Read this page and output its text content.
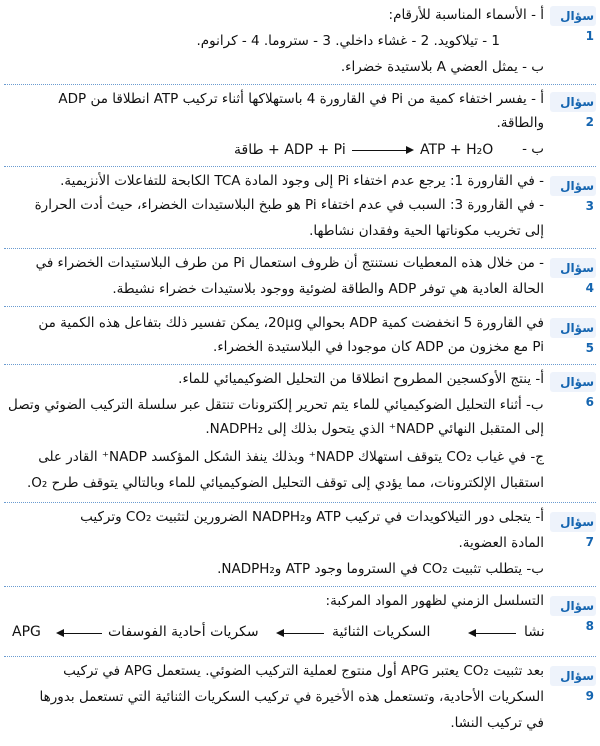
سؤال 1
أ - الأسماء المناسبة للأرقام:
1 - تيلاكويد. 2 - غشاء داخلي. 3 - ستروما. 4 - كرانوم.
ب - يمثل العضي A بلاستيدة خضراء.
سؤال 2
أ - يفسر اختفاء كمية من Pi في القارورة 4 باستهلاكها أثناء تركيب ATP انطلاقا من ADP
والطاقة.
ب -
ADP + Pi + طاقة → ATP + H₂O
سؤال 3
- في القارورة 1: يرجع عدم اختفاء Pi إلى وجود المادة TCA الكابحة للتفاعلات الأنزيمية.
- في القارورة 3: السبب في عدم اختفاء Pi هو طبخ البلاستيدات الخضراء، حيث أدت الحرارة
إلى تخريب مكوناتها الحية وفقدان نشاطها.
سؤال 4
- من خلال هذه المعطيات نستنتج أن ظروف استعمال Pi من طرف البلاستيدات الخضراء في
الحالة العادية هي توفر ADP والطاقة لضوئية ووجود بلاستيدات خضراء نشيطة.
سؤال 5
في القارورة 5 انخفضت كمية ADP بحوالي 20μg، يمكن تفسير ذلك بتفاعل هذه الكمية من
Pi مع مخزون من ADP كان موجودا في البلاستيدة الخضراء.
سؤال 6
أ- ينتج الأوكسجين المطروح انطلاقا من التحليل الضوكيميائي للماء.
ب- أثناء التحليل الضوكيميائي للماء يتم تحرير إلكترونات تنتقل عبر سلسلة التركيب الضوئي وتصل
إلى المتقبل النهائي NADP⁺ الذي يتحول بذلك إلى NADPH₂.
ج- في غياب CO₂ يتوقف استهلاك NADP⁺ وبذلك ينفذ الشكل المؤكسد NADP⁺ القادر على
استقبال الإلكترونات، مما يؤدي إلى توقف التحليل الضوكيميائي للماء وبالتالي يتوقف طرح O₂.
سؤال 7
أ- يتجلى دور التيلاكويدات في تركيب ATP وNADPH₂ الضرورين لتثبيت CO₂ وتركيب
المادة العضوية.
ب- يتطلب تثبيت CO₂ في الستروما وجود ATP وNADPH₂.
سؤال 8
التسلسل الزمني لظهور المواد المركبة:
APG	سكريات أحادية الفوسفات	السكريات الثنائية	نشا
سؤال 9
بعد تثبيت CO₂ يعتبر APG أول منتوج لعملية التركيب الضوئي. يستعمل APG في تركيب
السكريات الأحادية، وتستعمل هذه الأخيرة في تركيب السكريات الثنائية التي تستعمل بدورها
في تركيب النشا.
